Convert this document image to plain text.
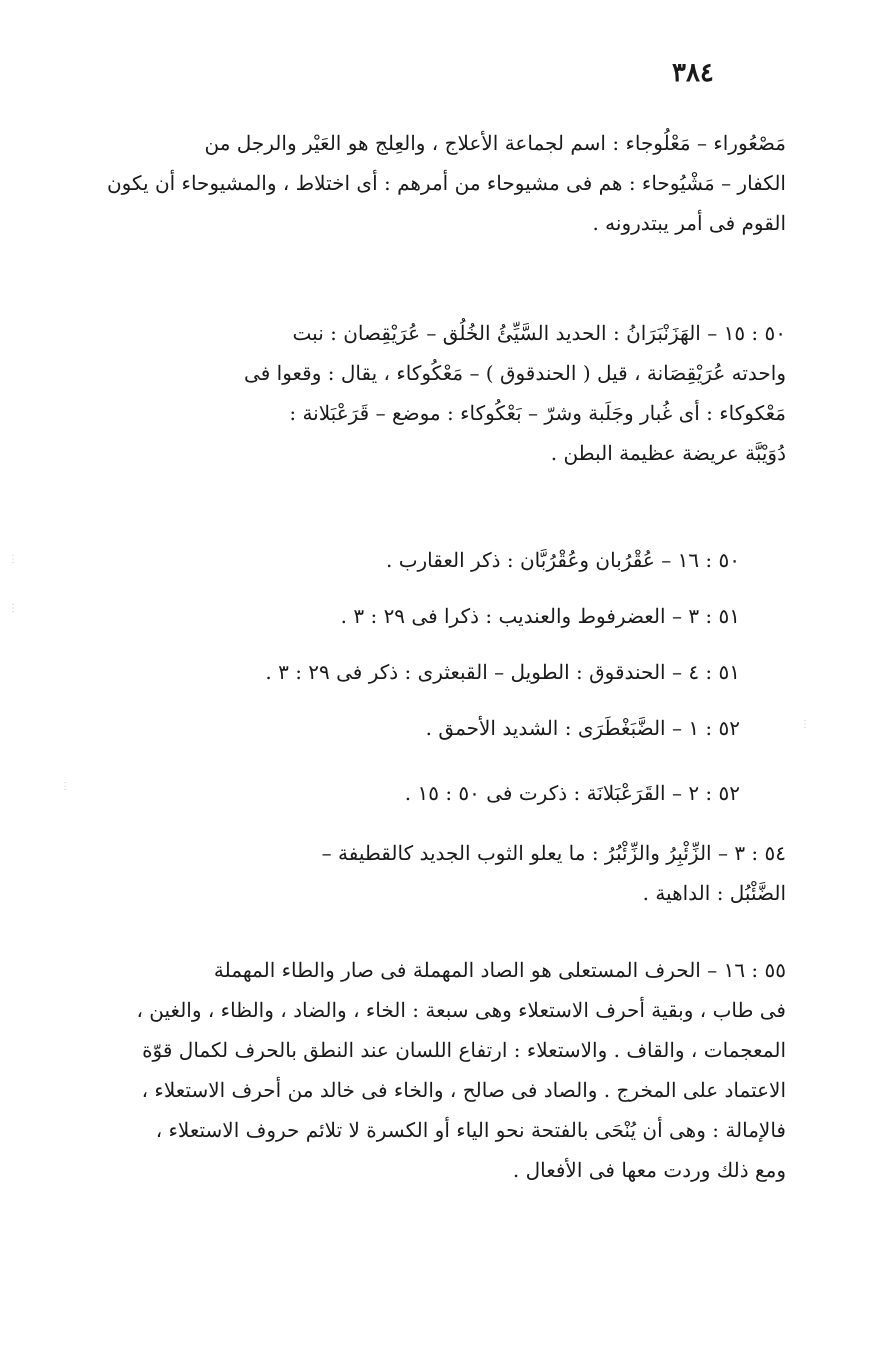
٣٨٤
مَصْعُوراء – مَعْلُوجاء : اسم لجماعة الأعلاج ، والعِلج هو العَيْر والرجل من
الكفار – مَشْيُوحاء : هم فى مشيوحاء من أمرهم : أى اختلاط ، والمشيوحاء أن يكون
القوم فى أمر يبتدرونه .
٥٠ : ١٥ – الهَزَنْبَرَانُ : الحديد السَّيِّئُ الخُلُق – عُرَيْقِصان : نبت
واحدته عُرَيْقِصَانة ، قيل ( الحندقوق ) – مَعْكُوكاء ، يقال : وقعوا فى
مَعْكوكاء : أى غُبار وجَلَبة وشرّ – بَعْكُوكاء : موضع – قَرَعْبَلانة :
دُوَيْبَّة عريضة عظيمة البطن .
٥٠ : ١٦ – عُقْرُبان وعُقْرُبَّان : ذكر العقارب .
٥١ : ٣ – العضرفوط والعنديب : ذكرا فى ٢٩ : ٣ .
٥١ : ٤ – الحندقوق : الطويل – القبعثرى : ذكر فى ٢٩ : ٣ .
٥٢ : ١ – الضَّبَغْطَرَى : الشديد الأحمق .
٥٢ : ٢ – القَرَعْبَلانَة : ذكرت فى ٥٠ : ١٥ .
٥٤ : ٣ – الزِّئْبِرُ والزِّئْبُرُ : ما يعلو الثوب الجديد كالقطيفة –
الضَّئْبُل : الداهية .
٥٥ : ١٦ – الحرف المستعلى هو الصاد المهملة فى صار والطاء المهملة
فى طاب ، وبقية أحرف الاستعلاء وهى سبعة : الخاء ، والضاد ، والظاء ، والغين ،
المعجمات ، والقاف . والاستعلاء : ارتفاع اللسان عند النطق بالحرف لكمال قوّة
الاعتماد على المخرج . والصاد فى صالح ، والخاء فى خالد من أحرف الاستعلاء ،
فالإمالة : وهى أن يُنْحَى بالفتحة نحو الياء أو الكسرة لا تلائم حروف الاستعلاء ،
ومع ذلك وردت معها فى الأفعال .
⋮
⋮
⋮
⋮
